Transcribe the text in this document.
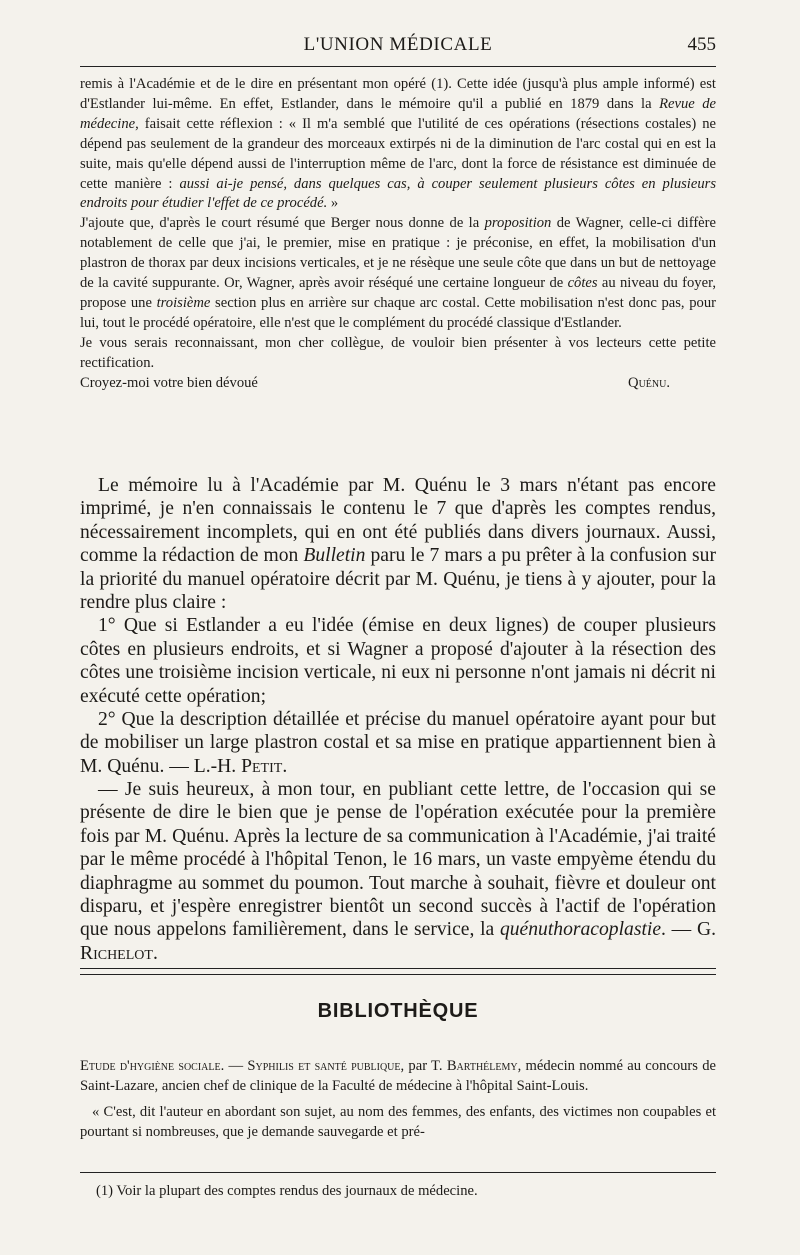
L'UNION MÉDICALE	455

remis à l'Académie et de le dire en présentant mon opéré (1). Cette idée (jusqu'à plus ample informé) est d'Estlander lui-même. En effet, Estlander, dans le mémoire qu'il a publié en 1879 dans la Revue de médecine, faisait cette réflexion : « Il m'a semblé que l'utilité de ces opérations (résections costales) ne dépend pas seulement de la grandeur des morceaux extirpés ni de la diminution de l'arc costal qui en est la suite, mais qu'elle dépend aussi de l'interruption même de l'arc, dont la force de résistance est diminuée de cette manière : aussi ai-je pensé, dans quelques cas, à couper seulement plusieurs côtes en plusieurs endroits pour étudier l'effet de ce procédé. »

J'ajoute que, d'après le court résumé que Berger nous donne de la proposition de Wagner, celle-ci diffère notablement de celle que j'ai, le premier, mise en pratique : je préconise, en effet, la mobilisation d'un plastron de thorax par deux incisions verticales, et je ne résèque une seule côte que dans un but de nettoyage de la cavité suppurante. Or, Wagner, après avoir réséqué une certaine longueur de côtes au niveau du foyer, propose une troisième section plus en arrière sur chaque arc costal. Cette mobilisation n'est donc pas, pour lui, tout le procédé opératoire, elle n'est que le complément du procédé classique d'Estlander.

Je vous serais reconnaissant, mon cher collègue, de vouloir bien présenter à vos lecteurs cette petite rectification.

Croyez-moi votre bien dévoué	Quénu.

Le mémoire lu à l'Académie par M. Quénu le 3 mars n'étant pas encore imprimé, je n'en connaissais le contenu le 7 que d'après les comptes rendus, nécessairement incomplets, qui en ont été publiés dans divers journaux. Aussi, comme la rédaction de mon Bulletin paru le 7 mars a pu prêter à la confusion sur la priorité du manuel opératoire décrit par M. Quénu, je tiens à y ajouter, pour la rendre plus claire :

1° Que si Estlander a eu l'idée (émise en deux lignes) de couper plusieurs côtes en plusieurs endroits, et si Wagner a proposé d'ajouter à la résection des côtes une troisième incision verticale, ni eux ni personne n'ont jamais ni décrit ni exécuté cette opération;

2° Que la description détaillée et précise du manuel opératoire ayant pour but de mobiliser un large plastron costal et sa mise en pratique appartiennent bien à M. Quénu. — L.-H. Petit.

— Je suis heureux, à mon tour, en publiant cette lettre, de l'occasion qui se présente de dire le bien que je pense de l'opération exécutée pour la première fois par M. Quénu. Après la lecture de sa communication à l'Académie, j'ai traité par le même procédé à l'hôpital Tenon, le 16 mars, un vaste empyème étendu du diaphragme au sommet du poumon. Tout marche à souhait, fièvre et douleur ont disparu, et j'espère enregistrer bientôt un second succès à l'actif de l'opération que nous appelons familièrement, dans le service, la quénuthoracoplastie. — G. Richelot.

BIBLIOTHÈQUE

Etude d'hygiène sociale. — Syphilis et santé publique, par T. Barthélemy, médecin nommé au concours de Saint-Lazare, ancien chef de clinique de la Faculté de médecine à l'hôpital Saint-Louis.

« C'est, dit l'auteur en abordant son sujet, au nom des femmes, des enfants, des victimes non coupables et pourtant si nombreuses, que je demande sauvegarde et pré-

(1) Voir la plupart des comptes rendus des journaux de médecine.
